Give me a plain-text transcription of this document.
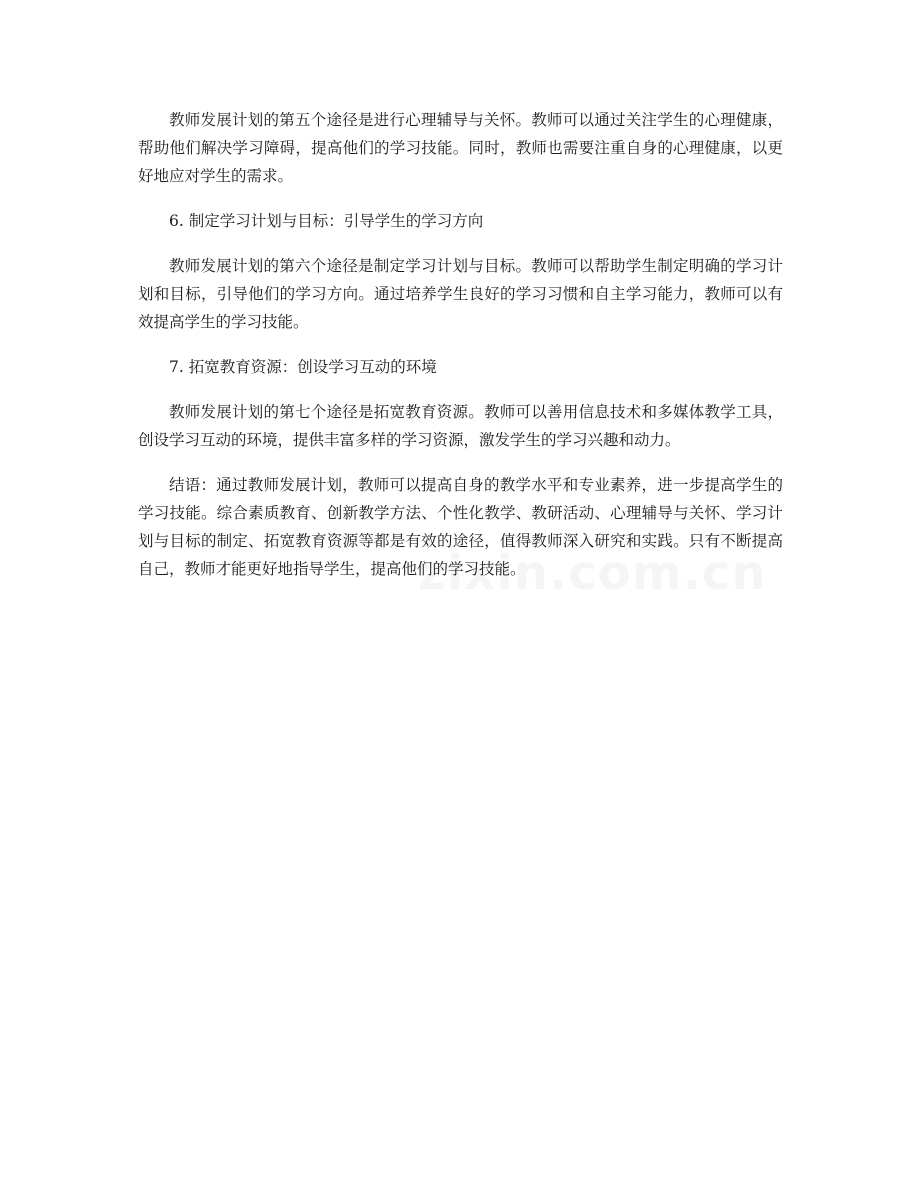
教师发展计划的第五个途径是进行心理辅导与关怀。教师可以通过关注学生的心理健康，帮助他们解决学习障碍，提高他们的学习技能。同时，教师也需要注重自身的心理健康，以更好地应对学生的需求。

6. 制定学习计划与目标：引导学生的学习方向

教师发展计划的第六个途径是制定学习计划与目标。教师可以帮助学生制定明确的学习计划和目标，引导他们的学习方向。通过培养学生良好的学习习惯和自主学习能力，教师可以有效提高学生的学习技能。

7. 拓宽教育资源：创设学习互动的环境

教师发展计划的第七个途径是拓宽教育资源。教师可以善用信息技术和多媒体教学工具，创设学习互动的环境，提供丰富多样的学习资源，激发学生的学习兴趣和动力。

结语：通过教师发展计划，教师可以提高自身的教学水平和专业素养，进一步提高学生的学习技能。综合素质教育、创新教学方法、个性化教学、教研活动、心理辅导与关怀、学习计划与目标的制定、拓宽教育资源等都是有效的途径，值得教师深入研究和实践。只有不断提高自己，教师才能更好地指导学生，提高他们的学习技能。
